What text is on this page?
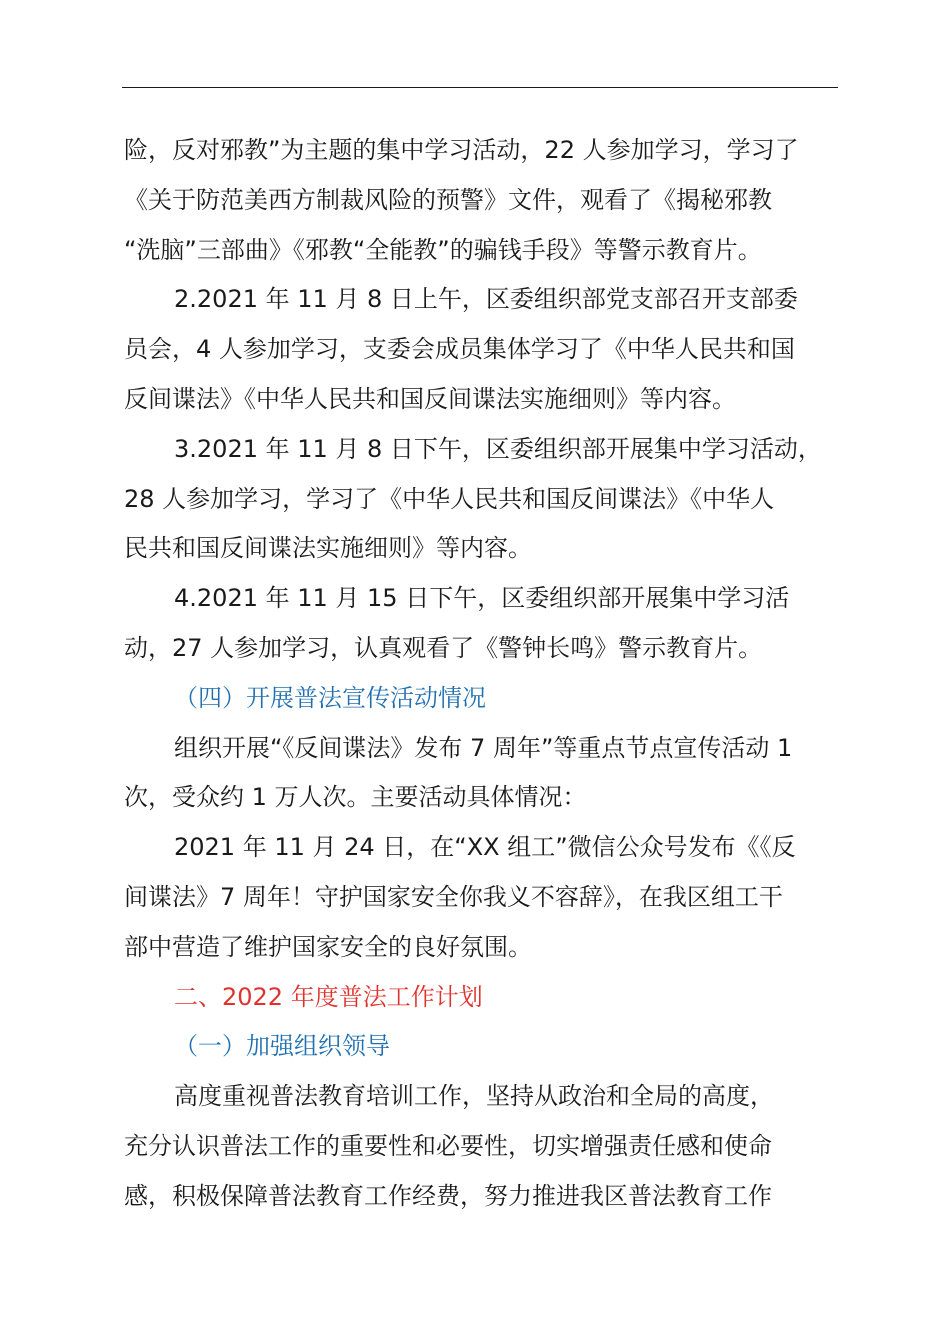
险，反对邪教”为主题的集中学习活动，22 人参加学习，学习了
《关于防范美西方制裁风险的预警》文件，观看了《揭秘邪教
“洗脑”三部曲》《邪教“全能教”的骗钱手段》等警示教育片。
2.2021 年 11 月 8 日上午，区委组织部党支部召开支部委
员会，4 人参加学习，支委会成员集体学习了《中华人民共和国
反间谍法》《中华人民共和国反间谍法实施细则》等内容。
3.2021 年 11 月 8 日下午，区委组织部开展集中学习活动，
28 人参加学习，学习了《中华人民共和国反间谍法》《中华人
民共和国反间谍法实施细则》等内容。
4.2021 年 11 月 15 日下午，区委组织部开展集中学习活
动，27 人参加学习，认真观看了《警钟长鸣》警示教育片。
（四）开展普法宣传活动情况
组织开展“《反间谍法》发布 7 周年”等重点节点宣传活动 1
次，受众约 1 万人次。主要活动具体情况：
2021 年 11 月 24 日，在“XX 组工”微信公众号发布《《反
间谍法》7 周年！守护国家安全你我义不容辞》，在我区组工干
部中营造了维护国家安全的良好氛围。
二、2022 年度普法工作计划
（一）加强组织领导
高度重视普法教育培训工作，坚持从政治和全局的高度，
充分认识普法工作的重要性和必要性，切实增强责任感和使命
感，积极保障普法教育工作经费，努力推进我区普法教育工作
